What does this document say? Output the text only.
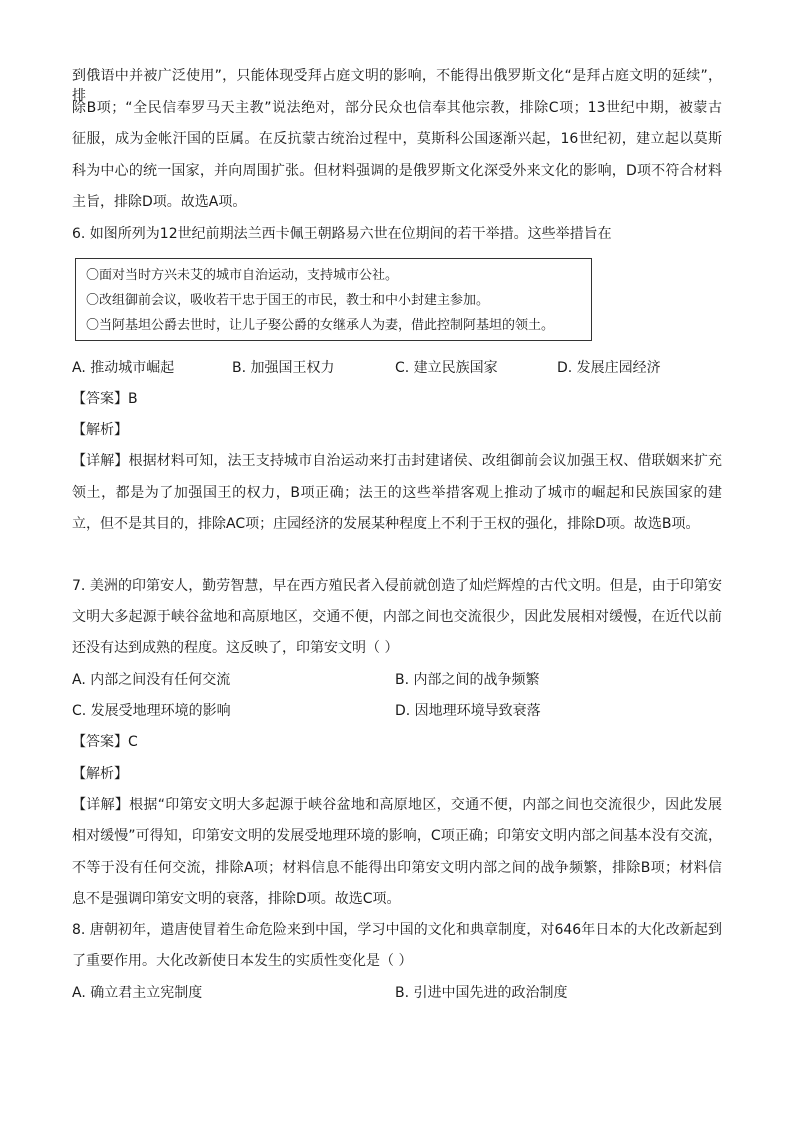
到俄语中并被广泛使用”，只能体现受拜占庭文明的影响，不能得出俄罗斯文化“是拜占庭文明的延续”，排
除B项；“全民信奉罗马天主教”说法绝对，部分民众也信奉其他宗教，排除C项；13世纪中期，被蒙古
征服，成为金帐汗国的臣属。在反抗蒙古统治过程中，莫斯科公国逐渐兴起，16世纪初，建立起以莫斯
科为中心的统一国家，并向周围扩张。但材料强调的是俄罗斯文化深受外来文化的影响，D项不符合材料
主旨，排除D项。故选A项。
6. 如图所列为12世纪前期法兰西卡佩王朝路易六世在位期间的若干举措。这些举措旨在
〇面对当时方兴未艾的城市自治运动，支持城市公社。
〇改组御前会议，吸收若干忠于国王的市民，教士和中小封建主参加。
〇当阿基坦公爵去世时，让儿子娶公爵的女继承人为妻，借此控制阿基坦的领土。
A. 推动城市崛起	B. 加强国王权力	C. 建立民族国家	D. 发展庄园经济
【答案】B
【解析】
【详解】根据材料可知，法王支持城市自治运动来打击封建诸侯、改组御前会议加强王权、借联姻来扩充
领土，都是为了加强国王的权力，B项正确；法王的这些举措客观上推动了城市的崛起和民族国家的建
立，但不是其目的，排除AC项；庄园经济的发展某种程度上不利于王权的强化，排除D项。故选B项。
7. 美洲的印第安人，勤劳智慧，早在西方殖民者入侵前就创造了灿烂辉煌的古代文明。但是，由于印第安
文明大多起源于峡谷盆地和高原地区，交通不便，内部之间也交流很少，因此发展相对缓慢，在近代以前
还没有达到成熟的程度。这反映了，印第安文明（ ）
A. 内部之间没有任何交流	B. 内部之间的战争频繁
C. 发展受地理环境的影响	D. 因地理环境导致衰落
【答案】C
【解析】
【详解】根据“印第安文明大多起源于峡谷盆地和高原地区，交通不便，内部之间也交流很少，因此发展
相对缓慢”可得知，印第安文明的发展受地理环境的影响，C项正确；印第安文明内部之间基本没有交流，
不等于没有任何交流，排除A项；材料信息不能得出印第安文明内部之间的战争频繁，排除B项；材料信
息不是强调印第安文明的衰落，排除D项。故选C项。
8. 唐朝初年，遣唐使冒着生命危险来到中国，学习中国的文化和典章制度，对646年日本的大化改新起到
了重要作用。大化改新使日本发生的实质性变化是（ ）
A. 确立君主立宪制度	B. 引进中国先进的政治制度
